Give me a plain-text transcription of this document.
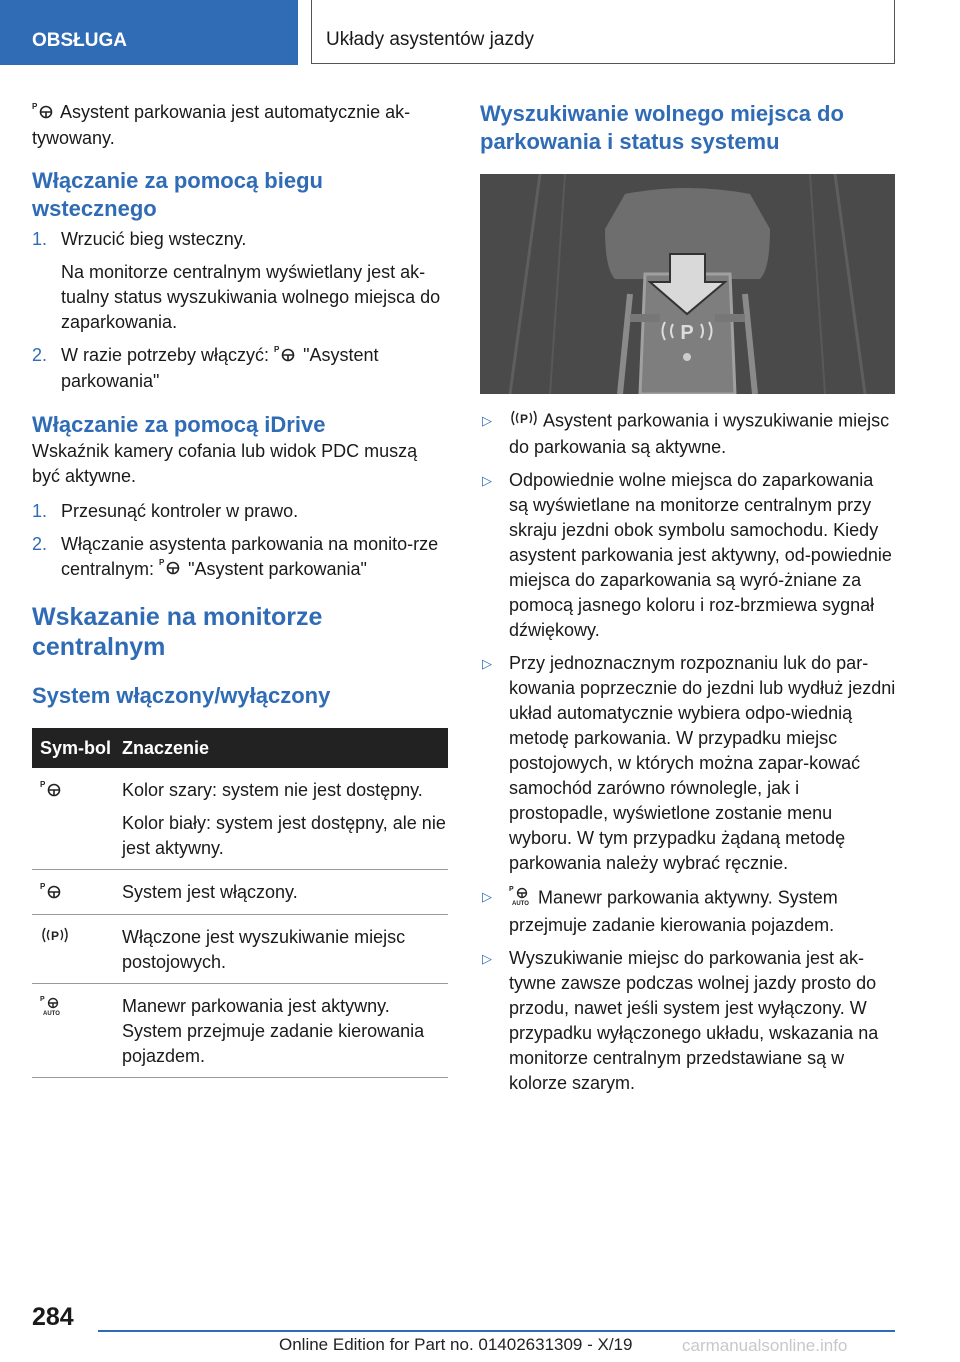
OBSŁUGA	Układy asystentów jazdy

P Asystent parkowania jest automatycznie ak-tywowany.

Włączanie za pomocą biegu wstecznego
1. Wrzucić bieg wsteczny.

Na monitorze centralnym wyświetlany jest ak-tualny status wyszukiwania wolnego miejsca do zaparkowania.

2. W razie potrzeby włączyć: P "Asystent parkowania"

Włączanie za pomocą iDrive

Wskaźnik kamery cofania lub widok PDC muszą być aktywne.

1. Przesunąć kontroler w prawo.

2. Włączanie asystenta parkowania na monito-rze centralnym: P "Asystent parkowania"

Wskazanie na monitorze centralnym
System włączony/wyłączony
Sym-bol	Znaczenie

P	Kolor szary: system nie jest dostępny.

Kolor biały: system jest dostępny, ale nie jest aktywny.

P	System jest włączony.

P	Włączone jest wyszukiwanie miejsc postojowych.

P
AUTO	Manewr parkowania jest aktywny. System przejmuje zadanie kierowania pojazdem.
Wyszukiwanie wolnego miejsca do parkowania i status systemu
P
▷ P Asystent parkowania i wyszukiwanie miejsc do parkowania są aktywne.

▷ Odpowiednie wolne miejsca do zaparkowania są wyświetlane na monitorze centralnym przy skraju jezdni obok symbolu samochodu. Kiedy asystent parkowania jest aktywny, od-powiednie miejsca do zaparkowania są wyró-żniane za pomocą jasnego koloru i roz-brzmiewa sygnał dźwiękowy.

▷ Przy jednoznacznym rozpoznaniu luk do par-kowania poprzecznie do jezdni lub wydłuż jezdni układ automatycznie wybiera odpo-wiednią metodę parkowania. W przypadku miejsc postojowych, w których można zapar-kować samochód zarówno równolegle, jak i prostopadle, wyświetlone zostanie menu wyboru. W tym przypadku żądaną metodę parkowania należy wybrać ręcznie.

▷ P
AUTO Manewr parkowania aktywny. System przejmuje zadanie kierowania pojazdem.

▷ Wyszukiwanie miejsc do parkowania jest ak-tywne zawsze podczas wolnej jazdy prosto do przodu, nawet jeśli system jest wyłączony. W przypadku wyłączonego układu, wskazania na monitorze centralnym przedstawiane są w kolorze szarym.

284
Online Edition for Part no. 01402631309 - X/19	carmanualsonline.info
